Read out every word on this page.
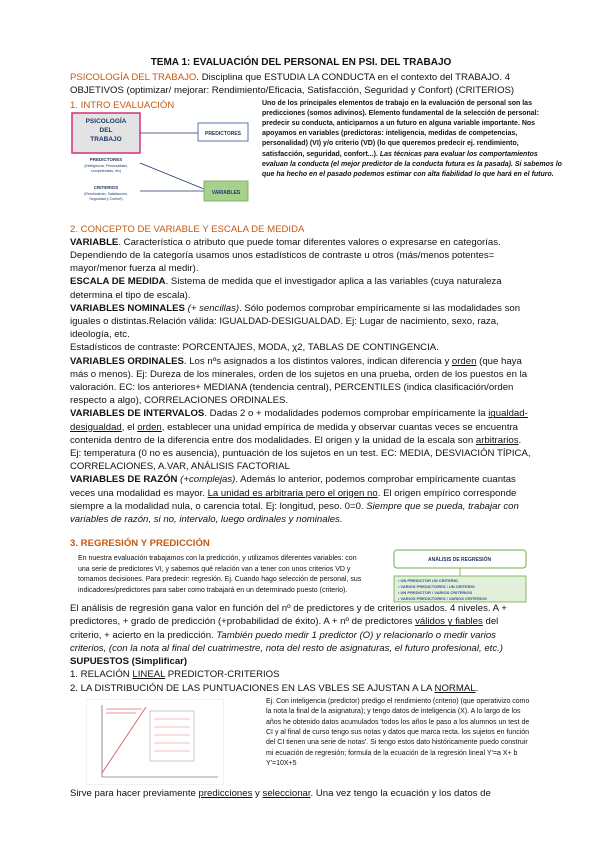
TEMA 1: EVALUACIÓN DEL PERSONAL EN PSI. DEL TRABAJO

PSICOLOGÍA DEL TRABAJO. Disciplina que ESTUDIA LA CONDUCTA en el contexto del TRABAJO. 4 OBJETIVOS (optimizar/ mejorar: Rendimiento/Eficacia, Satisfacción, Seguridad y Confort) (CRITERIOS)

1. INTRO EVALUACIÓN
PSICOLOGÍA
DEL
TRABAJO
PREDICTORES
(Inteligencia, Personalidad,
competencias, etc)
CRITERIOS
(Rendimiento, Satisfacción,
Seguridad y Confort)
PREDICTORES
VARIABLES
Uno de los principales elementos de trabajo en la evaluación de personal son las predicciones (somos adivinos). Elemento fundamental de la selección de personal: predecir su conducta, anticiparnos a un futuro en alguna variable importante. Nos apoyamos en variables (predictoras: inteligencia, medidas de competencias, personalidad) (VI) y/o criterio (VD) (lo que queremos predecir ej. rendimiento, satisfacción, seguridad, confort...). Las técnicas para evaluar los comportamientos evaluan la conducta (el mejor predictor de la conducta futura es la pasada). Si sabemos lo que ha hecho en el pasado podemos estimar con alta fiabilidad lo que hará en el futuro.
2. CONCEPTO DE VARIABLE Y ESCALA DE MEDIDA

VARIABLE. Característica o atributo que puede tomar diferentes valores o expresarse en categorías. Dependiendo de la categoría usamos unos estadísticos de contraste u otros (más/menos potentes= mayor/menor fuerza al medir).

ESCALA DE MEDIDA. Sistema de medida que el investigador aplica a las variables (cuya naturaleza determina el tipo de escala).

VARIABLES NOMINALES (+ sencillas). Sólo podemos comprobar empíricamente si las modalidades son iguales o distintas.Relación válida: IGUALDAD-DESIGUALDAD. Ej: Lugar de nacimiento, sexo, raza, ideología, etc.

Estadísticos de contraste: PORCENTAJES, MODA, χ2, TABLAS DE CONTINGENCIA.

VARIABLES ORDINALES. Los nºs asignados a los distintos valores, indican diferencia y orden (que haya más o menos). Ej: Dureza de los minerales, orden de los sujetos en una prueba, orden de los puestos en la valoración. EC: los anteriores+ MEDIANA (tendencia central), PERCENTILES (indica clasificación/orden respecto a algo), CORRELACIONES ORDINALES.

VARIABLES DE INTERVALOS. Dadas 2 o + modalidades podemos comprobar empíricamente la igualdad-desigualdad, el orden, establecer una unidad empírica de medida y observar cuantas veces se encuentra contenida dentro de la diferencia entre dos modalidades. El origen y la unidad de la escala son arbitrarios. Ej: temperatura (0 no es ausencia), puntuación de los sujetos en un test. EC: MEDIA, DESVIACIÓN TÍPICA, CORRELACIONES, A.VAR, ANÁLISIS FACTORIAL

VARIABLES DE RAZÓN (+complejas). Además lo anterior, podemos comprobar empíricamente cuantas veces una modalidad es mayor. La unidad es arbitraria pero el origen no. El origen empírico corresponde siempre a la modalidad nula, o carencia total. Ej: longitud, peso. 0=0. Siempre que se pueda, trabajar con variables de razón, si no, intervalo, luego ordinales y nominales.

3. REGRESIÓN Y PREDICCIÓN
En nuestra evaluación trabajamos con la predicción, y utilizamos diferentes variables: con una serie de predictores VI, y sabemos qué relación van a tener con unos criterios VD y tomamos decisiones. Para predecir: regresión. Ej. Cuando hago selección de personal, sus indicadores/predictores para saber como trabajará en un determinado puesto (criterio).
ANÁLISIS DE REGRESIÓN
• UN PREDICTOR UN CRITERIO
• VARIOS PREDICTORES / UN CRITERIO
• UN PREDICTOR / VARIOS CRITERIOS
• VARIOS PREDICTORES / VARIOS CRITERIOS

El análisis de regresión gana valor en función del nº de predictores y de criterios usados. 4 niveles. A + predictores, + grado de predicción (+probabilidad de éxito). A + nº de predictores válidos y fiables del criterio, + acierto en la predicción. También puedo medir 1 predictor (O) y relacionarlo o medir varios criterios, (con la nota al final del cuatrimestre, nota del resto de asignaturas, el futuro profesional, etc.)

SUPUESTOS (Simplificar)

1. RELACIÓN LINEAL PREDICTOR-CRITERIOS

2. LA DISTRIBUCIÓN DE LAS PUNTUACIONES EN LAS VBLES SE AJUSTAN A LA NORMAL.

Ej. Con inteligencia (predictor) predigo el rendimiento (criterio) (que operativizo como la nota la final de la asignatura); y tengo datos de inteligencia (X). A lo largo de los años he obtenido datos acumulados 'todos los años le paso a los alumnos un test de CI y al final de curso tengo sus notas y datos que marca recta. los sujetos en función del CI tienen una serie de notas'. Si tengo estos dato históricamente puedo construir mi ecuación de regresión; formula de la ecuación de la regresión lineal Y'=a X+ b Y'=10X+5

Sirve para hacer previamente predicciones y seleccionar. Una vez tengo la ecuación y los datos de
